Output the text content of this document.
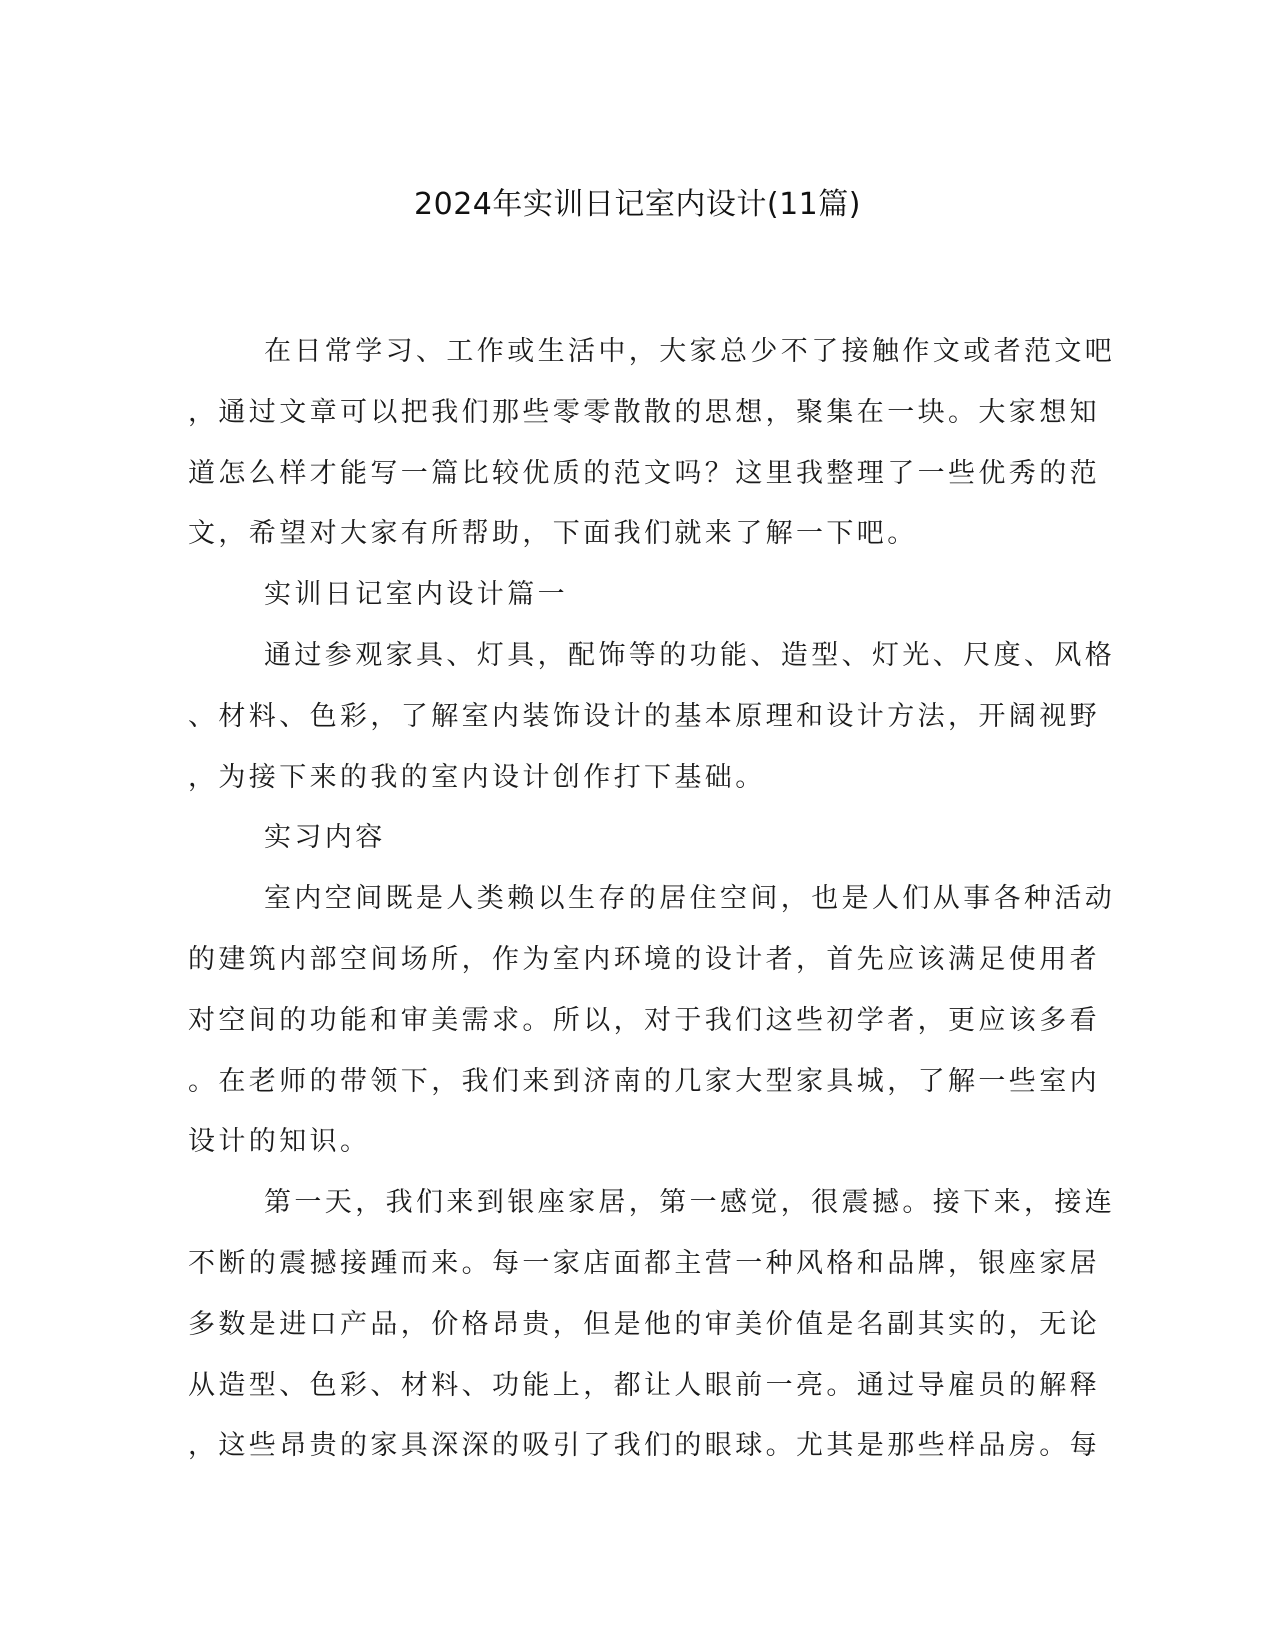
2024年实训日记室内设计(11篇)
在日常学习、工作或生活中，大家总少不了接触作文或者范文吧
，通过文章可以把我们那些零零散散的思想，聚集在一块。大家想知
道怎么样才能写一篇比较优质的范文吗？这里我整理了一些优秀的范
文，希望对大家有所帮助，下面我们就来了解一下吧。
实训日记室内设计篇一
通过参观家具、灯具，配饰等的功能、造型、灯光、尺度、风格
、材料、色彩，了解室内装饰设计的基本原理和设计方法，开阔视野
，为接下来的我的室内设计创作打下基础。
实习内容
室内空间既是人类赖以生存的居住空间，也是人们从事各种活动
的建筑内部空间场所，作为室内环境的设计者，首先应该满足使用者
对空间的功能和审美需求。所以，对于我们这些初学者，更应该多看
。在老师的带领下，我们来到济南的几家大型家具城，了解一些室内
设计的知识。
第一天，我们来到银座家居，第一感觉，很震撼。接下来，接连
不断的震撼接踵而来。每一家店面都主营一种风格和品牌，银座家居
多数是进口产品，价格昂贵，但是他的审美价值是名副其实的，无论
从造型、色彩、材料、功能上，都让人眼前一亮。通过导雇员的解释
，这些昂贵的家具深深的吸引了我们的眼球。尤其是那些样品房。每
